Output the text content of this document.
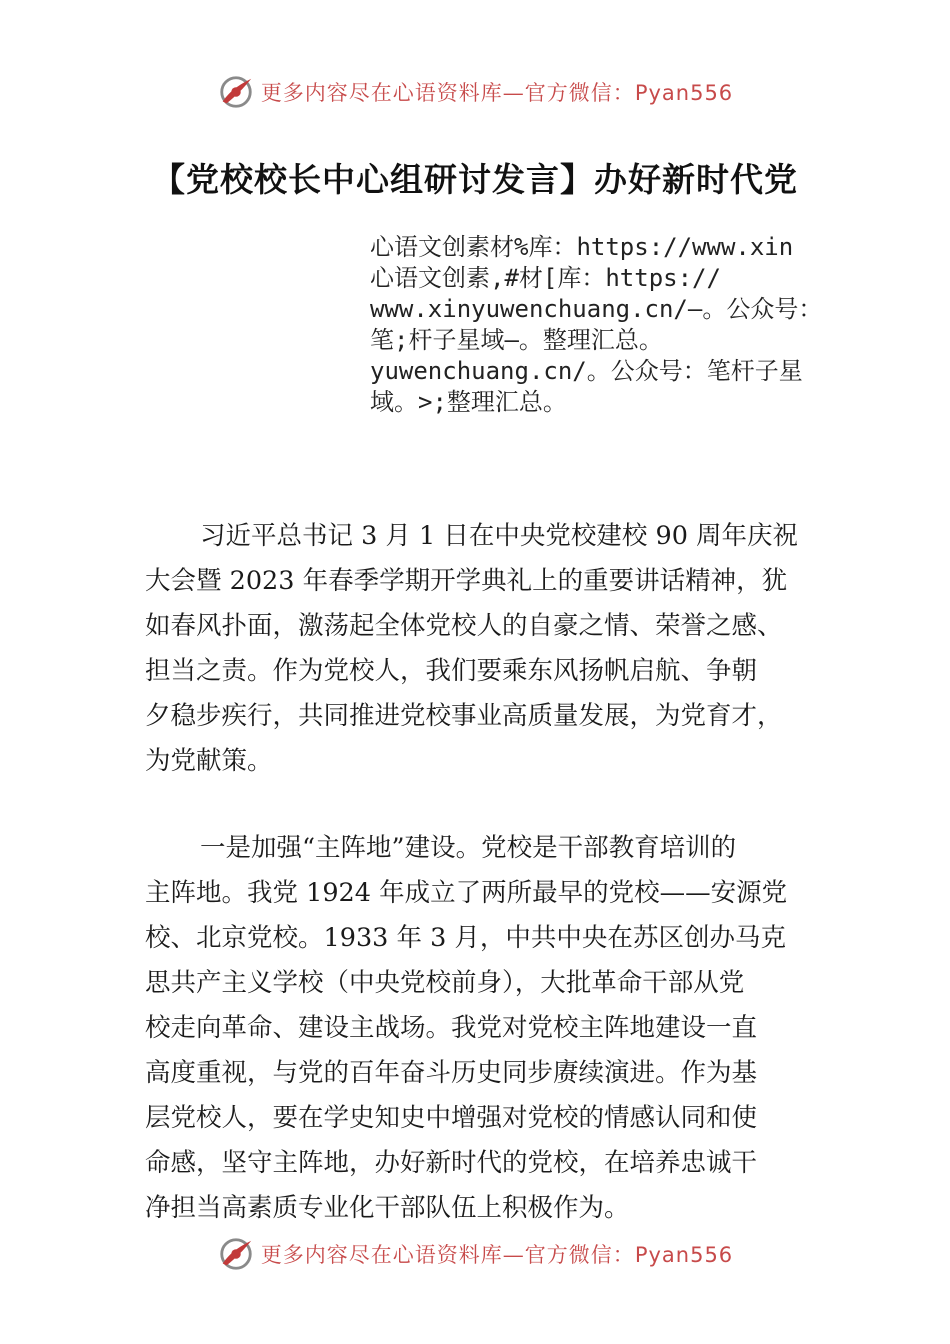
更多内容尽在心语资料库—官方微信：Pyan556
【党校校长中心组研讨发言】办好新时代党
心语文创素材%库：https://www.xin
心语文创素,#材[库：https://
www.xinyuwenchuang.cn/—。公众号：
笔;杆子星域—。整理汇总。
yuwenchuang.cn/。公众号：笔杆子星
域。>;整理汇总。
习近平总书记 3 月 1 日在中央党校建校 90 周年庆祝
大会暨 2023 年春季学期开学典礼上的重要讲话精神，犹
如春风扑面，激荡起全体党校人的自豪之情、荣誉之感、
担当之责。作为党校人，我们要乘东风扬帆启航、争朝
夕稳步疾行，共同推进党校事业高质量发展，为党育才，
为党献策。
一是加强“主阵地”建设。党校是干部教育培训的
主阵地。我党 1924 年成立了两所最早的党校——安源党
校、北京党校。1933 年 3 月，中共中央在苏区创办马克
思共产主义学校（中央党校前身），大批革命干部从党
校走向革命、建设主战场。我党对党校主阵地建设一直
高度重视，与党的百年奋斗历史同步赓续演进。作为基
层党校人，要在学史知史中增强对党校的情感认同和使
命感，坚守主阵地，办好新时代的党校，在培养忠诚干
净担当高素质专业化干部队伍上积极作为。
更多内容尽在心语资料库—官方微信：Pyan556
